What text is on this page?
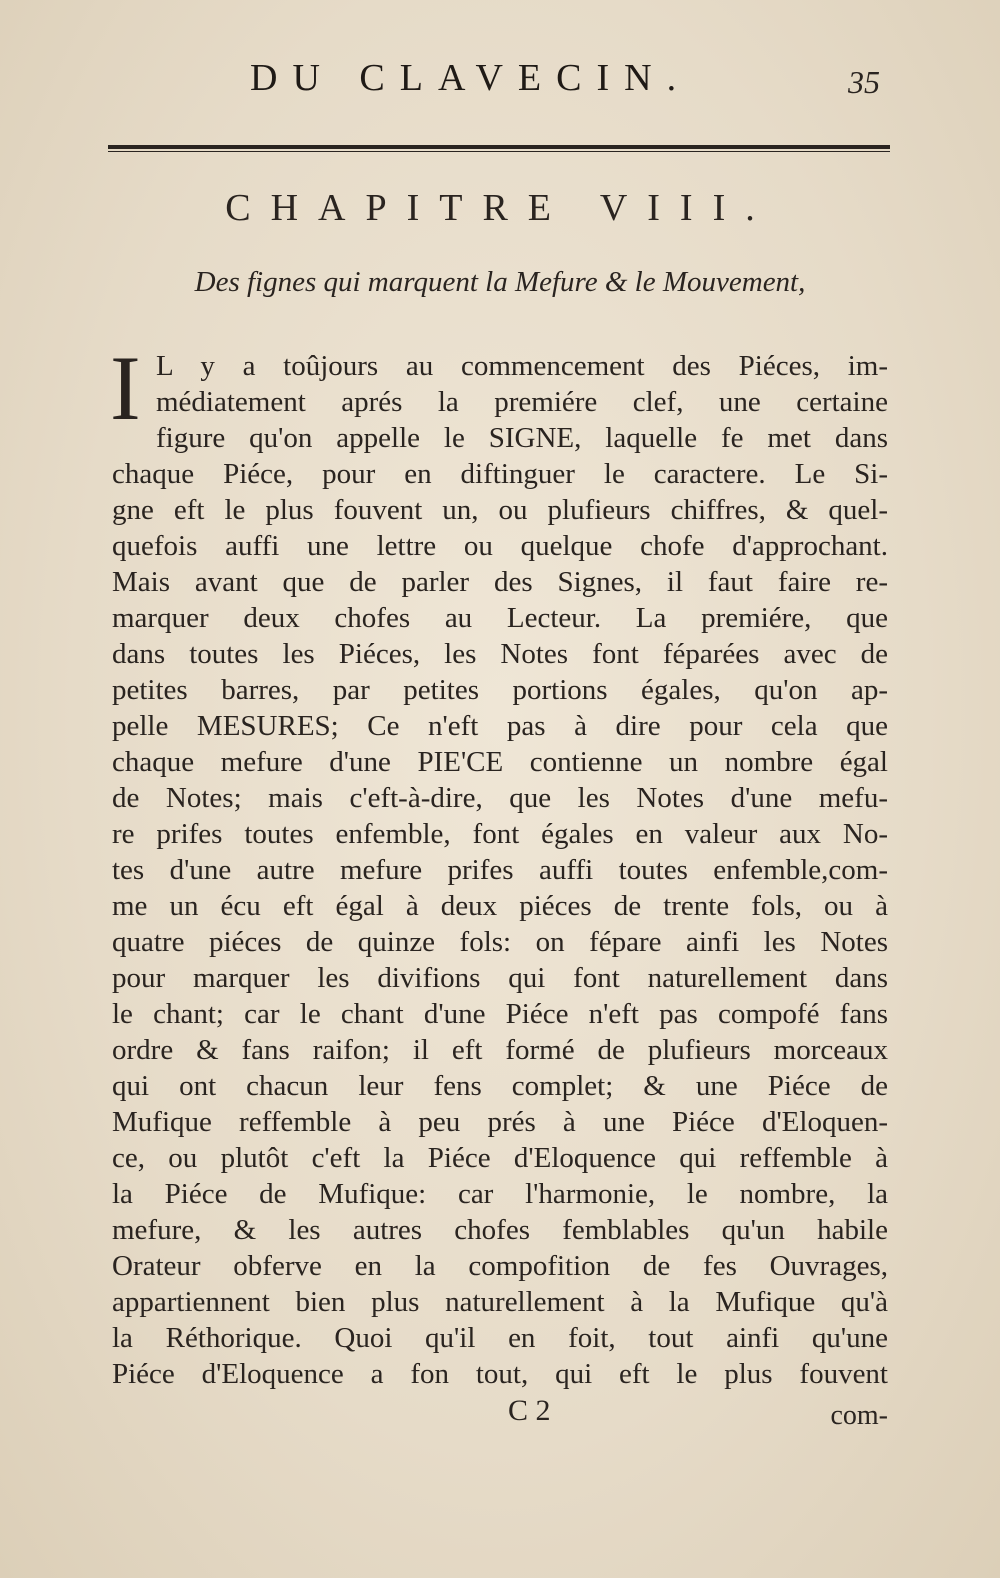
DU CLAVECIN.	35
CHAPITRE VIII.
Des fignes qui marquent la Mefure & le Mouvement,
I L y a toûjours au commencement des Piéces, im-
médiatement aprés la premiére clef, une certaine
figure qu'on appelle le SIGNE, laquelle fe met dans
chaque Piéce, pour en diftinguer le caractere. Le Si-
gne eft le plus fouvent un, ou plufieurs chiffres, & quel-
quefois auffi une lettre ou quelque chofe d'approchant.
Mais avant que de parler des Signes, il faut faire re-
marquer deux chofes au Lecteur. La premiére, que
dans toutes les Piéces, les Notes font féparées avec de
petites barres, par petites portions égales, qu'on ap-
pelle MESURES; Ce n'eft pas à dire pour cela que
chaque mefure d'une PIE'CE contienne un nombre égal
de Notes; mais c'eft-à-dire, que les Notes d'une mefu-
re prifes toutes enfemble, font égales en valeur aux No-
tes d'une autre mefure prifes auffi toutes enfemble,com-
me un écu eft égal à deux piéces de trente fols, ou à
quatre piéces de quinze fols: on fépare ainfi les Notes
pour marquer les divifions qui font naturellement dans
le chant; car le chant d'une Piéce n'eft pas compofé fans
ordre & fans raifon; il eft formé de plufieurs morceaux
qui ont chacun leur fens complet; & une Piéce de
Mufique reffemble à peu prés à une Piéce d'Eloquen-
ce, ou plutôt c'eft la Piéce d'Eloquence qui reffemble à
la Piéce de Mufique: car l'harmonie, le nombre, la
mefure, & les autres chofes femblables qu'un habile
Orateur obferve en la compofition de fes Ouvrages,
appartiennent bien plus naturellement à la Mufique qu'à
la Réthorique. Quoi qu'il en foit, tout ainfi qu'une
Piéce d'Eloquence a fon tout, qui eft le plus fouvent
C 2	com-
